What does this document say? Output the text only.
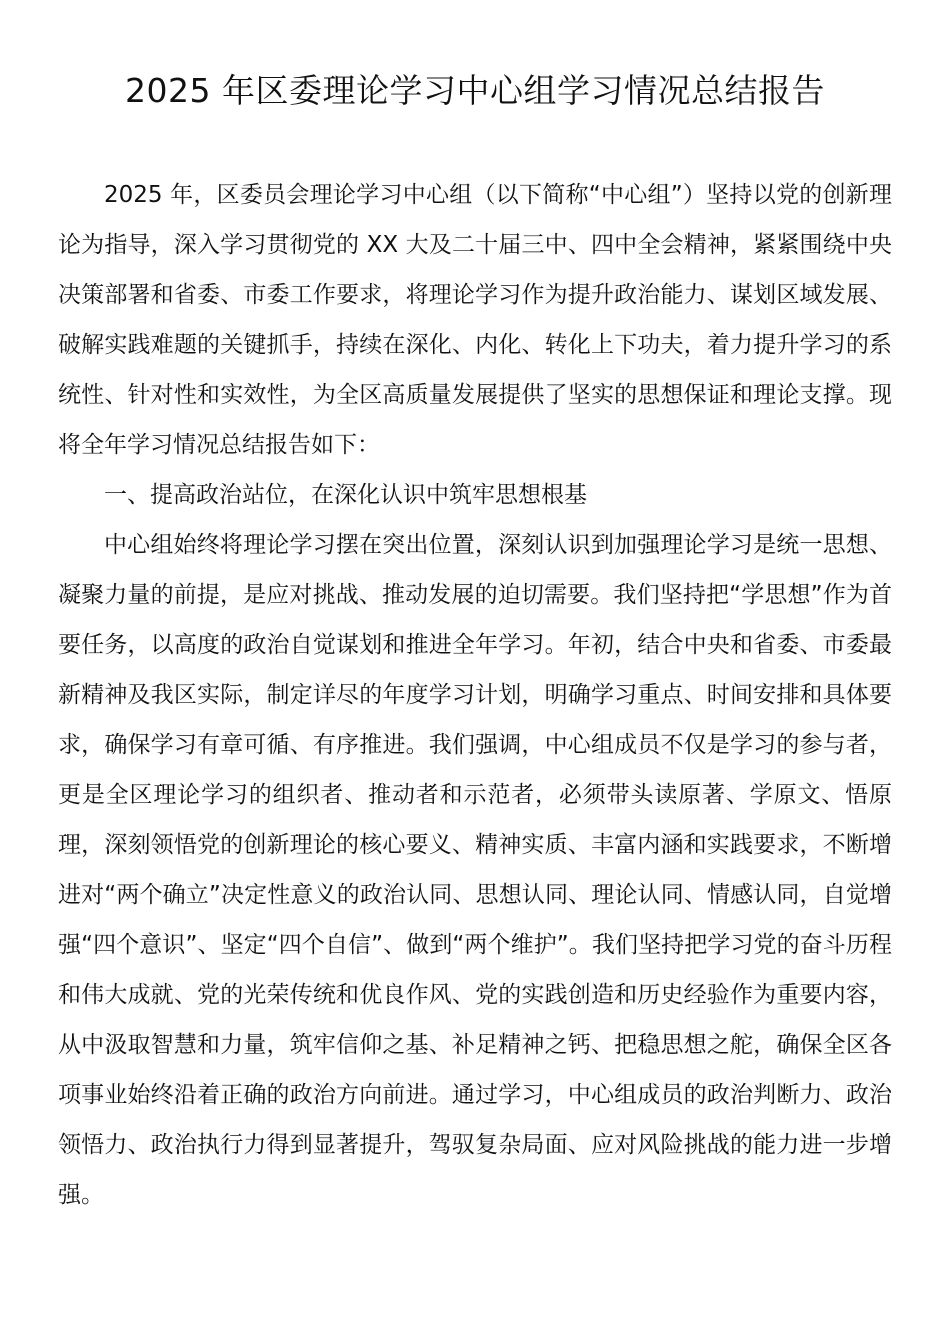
2025 年区委理论学习中心组学习情况总结报告

2025 年，区委员会理论学习中心组（以下简称“中心组”）坚持以党的创新理论为指导，深入学习贯彻党的 XX 大及二十届三中、四中全会精神，紧紧围绕中央决策部署和省委、市委工作要求，将理论学习作为提升政治能力、谋划区域发展、破解实践难题的关键抓手，持续在深化、内化、转化上下功夫，着力提升学习的系统性、针对性和实效性，为全区高质量发展提供了坚实的思想保证和理论支撑。现将全年学习情况总结报告如下：

一、提高政治站位，在深化认识中筑牢思想根基

中心组始终将理论学习摆在突出位置，深刻认识到加强理论学习是统一思想、凝聚力量的前提，是应对挑战、推动发展的迫切需要。我们坚持把“学思想”作为首要任务，以高度的政治自觉谋划和推进全年学习。年初，结合中央和省委、市委最新精神及我区实际，制定详尽的年度学习计划，明确学习重点、时间安排和具体要求，确保学习有章可循、有序推进。我们强调，中心组成员不仅是学习的参与者，更是全区理论学习的组织者、推动者和示范者，必须带头读原著、学原文、悟原理，深刻领悟党的创新理论的核心要义、精神实质、丰富内涵和实践要求，不断增进对“两个确立”决定性意义的政治认同、思想认同、理论认同、情感认同，自觉增强“四个意识”、坚定“四个自信”、做到“两个维护”。我们坚持把学习党的奋斗历程和伟大成就、党的光荣传统和优良作风、党的实践创造和历史经验作为重要内容，从中汲取智慧和力量，筑牢信仰之基、补足精神之钙、把稳思想之舵，确保全区各项事业始终沿着正确的政治方向前进。通过学习，中心组成员的政治判断力、政治领悟力、政治执行力得到显著提升，驾驭复杂局面、应对风险挑战的能力进一步增强。
